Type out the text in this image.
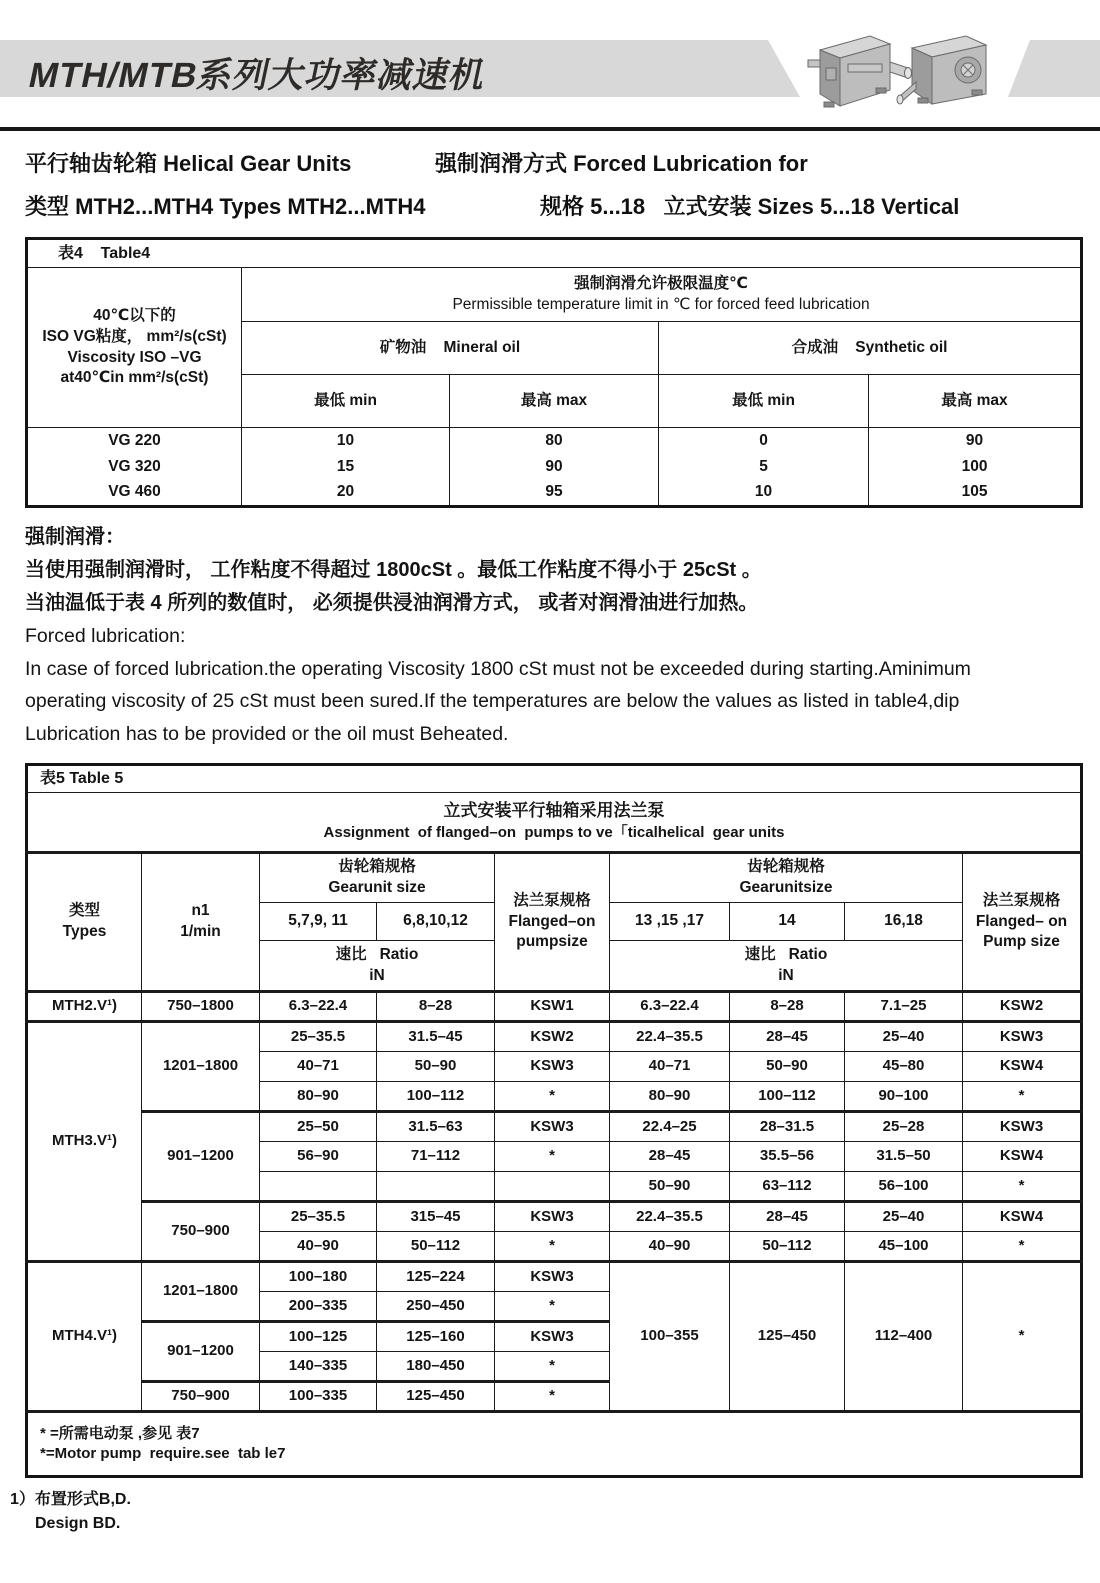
MTH/MTB系列大功率减速机
平行轴齿轮箱 Helical Gear Units	强制润滑方式 Forced Lubrication for
类型 MTH2...MTH4 Types MTH2...MTH4	规格 5...18   立式安装 Sizes 5...18 Vertical
表4    Table4				

40℃以下的
ISO VG粘度， mm²/s(cSt)
Viscosity ISO –VG
at40℃in mm²/s(cSt)

强制润滑允许极限温度℃
Permissible temperature limit in ℃ for forced feed lubrication

	矿物油    Mineral oil		合成油    Synthetic oil	
	最低 min	最高 max	最低 min	最高 max
VG 220	10	80	0	90
VG 320	15	90	5	100
VG 460	20	95	10	105
强制润滑：
当使用强制润滑时， 工作粘度不得超过 1800cSt 。最低工作粘度不得小于 25cSt 。
当油温低于表 4 所列的数值时， 必须提供浸油润滑方式， 或者对润滑油进行加热。
Forced lubrication:
In case of forced lubrication.the operating Viscosity 1800 cSt must not be exceeded during starting.Aminimum
operating viscosity of 25 cSt must been sured.If the temperatures are below the values as listed in table4,dip
Lubrication has to be provided or the oil must Beheated.
表5 Table 5								

立式安装平行轴箱采用法兰泵
Assignment  of flanged–on  pumps to ve「ticalhelical  gear units								

类型
Types

n1
1/min

齿轮箱规格
Gearunit size

法兰泵规格
Flanged–on
pumpsize

齿轮箱规格
Gearunitsize

法兰泵规格
Flanged– on
Pump size

		5,7,9, 11	6,8,10,12		13 ,15 ,17	14	16,18	

速比   Ratio
iN

速比   Ratio
iN

MTH2.V¹)	750–1800	6.3–22.4	8–28	KSW1	6.3–22.4	8–28	7.1–25	KSW2
MTH3.V¹)	1201–1800	25–35.5	31.5–45	KSW2	22.4–35.5	28–45	25–40	KSW3
		40–71	50–90	KSW3	40–71	50–90	45–80	KSW4
		80–90	100–112	*	80–90	100–112	90–100	*
	901–1200	25–50	31.5–63	KSW3	22.4–25	28–31.5	25–28	KSW3
		56–90	71–112	*	28–45	35.5–56	31.5–50	KSW4
					50–90	63–112	56–100	*
	750–900	25–35.5	315–45	KSW3	22.4–35.5	28–45	25–40	KSW4
		40–90	50–112	*	40–90	50–112	45–100	*
MTH4.V¹)	1201–1800	100–180	125–224	KSW3	100–355	125–450	112–400	*
		200–335	250–450	*				
	901–1200	100–125	125–160	KSW3				
		140–335	180–450	*				
	750–900	100–335	125–450	*				

* =所需电动泵 ,参见 表7
*=Motor pump  require.see  tab le7								
1）布置形式B,D.
Design BD.
